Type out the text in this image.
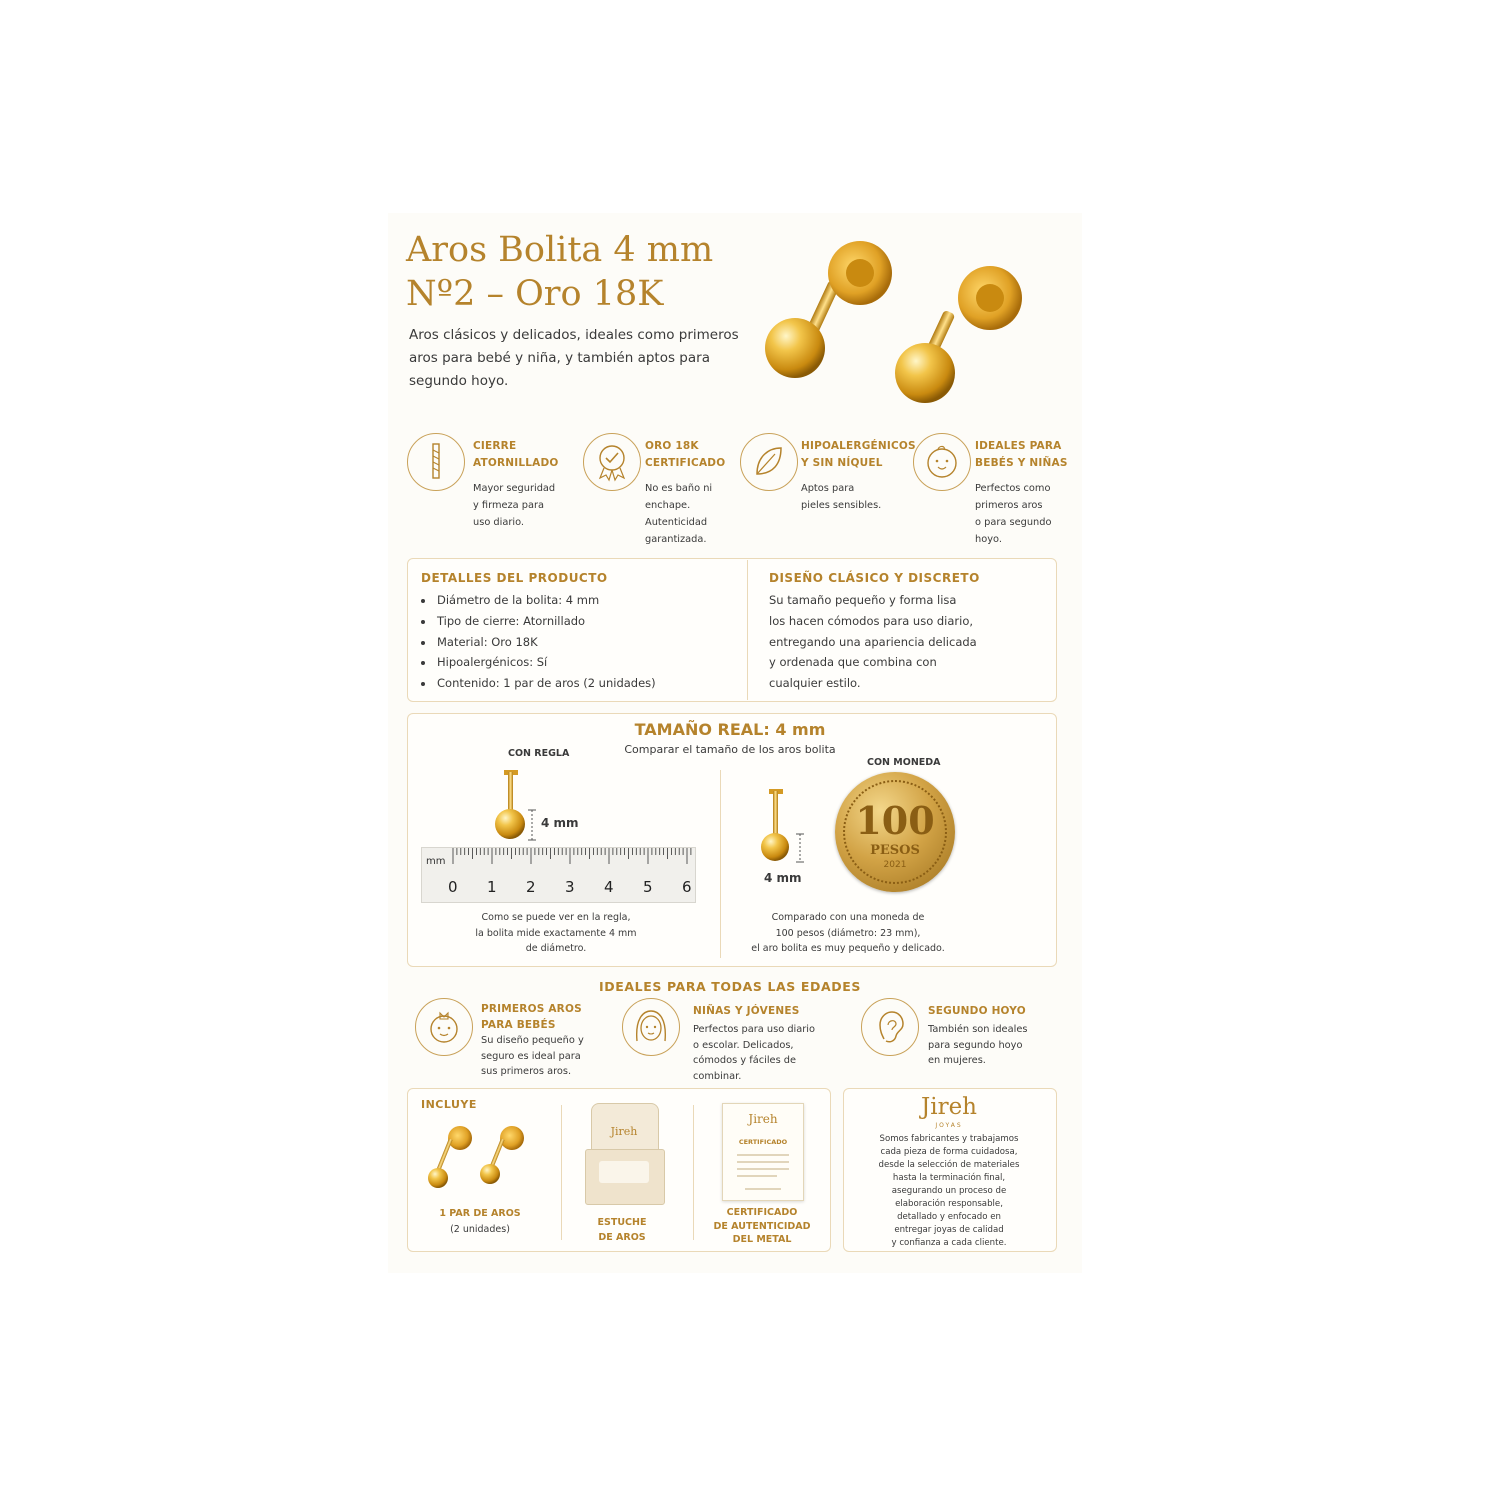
Aros Bolita 4 mm
Nº2 – Oro 18K
Aros clásicos y delicados, ideales como primeros aros para bebé y niña, y también aptos para segundo hoyo.
CIERRE
ATORNILLADO
Mayor seguridad
y firmeza para
uso diario.
ORO 18K
CERTIFICADO
No es baño ni
enchape.
Autenticidad
garantizada.
HIPOALERGÉNICOS
Y SIN NÍQUEL
Aptos para
pieles sensibles.
IDEALES PARA
BEBÉS Y NIÑAS
Perfectos como
primeros aros
o para segundo
hoyo.
DETALLES DEL PRODUCTO
• Diámetro de la bolita: 4 mm
• Tipo de cierre: Atornillado
• Material: Oro 18K
• Hipoalergénicos: Sí
• Contenido: 1 par de aros (2 unidades)
DISEÑO CLÁSICO Y DISCRETO
Su tamaño pequeño y forma lisa
los hacen cómodos para uso diario,
entregando una apariencia delicada
y ordenada que combina con
cualquier estilo.
TAMAÑO REAL: 4 mm
Comparar el tamaño de los aros bolita
CON REGLA
4 mm
mm
0 1 2 3 4 5 6
Como se puede ver en la regla,
la bolita mide exactamente 4 mm
de diámetro.
CON MONEDA
4 mm
100
PESOS
2021
Comparado con una moneda de
100 pesos (diámetro: 23 mm),
el aro bolita es muy pequeño y delicado.
IDEALES PARA TODAS LAS EDADES
PRIMEROS AROS
PARA BEBÉS
Su diseño pequeño y
seguro es ideal para
sus primeros aros.
NIÑAS Y JÓVENES
Perfectos para uso diario
o escolar. Delicados,
cómodos y fáciles de
combinar.
SEGUNDO HOYO
También son ideales
para segundo hoyo
en mujeres.
INCLUYE
1 PAR DE AROS
(2 unidades)
Jireh
ESTUCHE
DE AROS
Jireh
CERTIFICADO
CERTIFICADO
DE AUTENTICIDAD
DEL METAL
Jireh
JOYAS
Somos fabricantes y trabajamos
cada pieza de forma cuidadosa,
desde la selección de materiales
hasta la terminación final,
asegurando un proceso de
elaboración responsable,
detallado y enfocado en
entregar joyas de calidad
y confianza a cada cliente.
